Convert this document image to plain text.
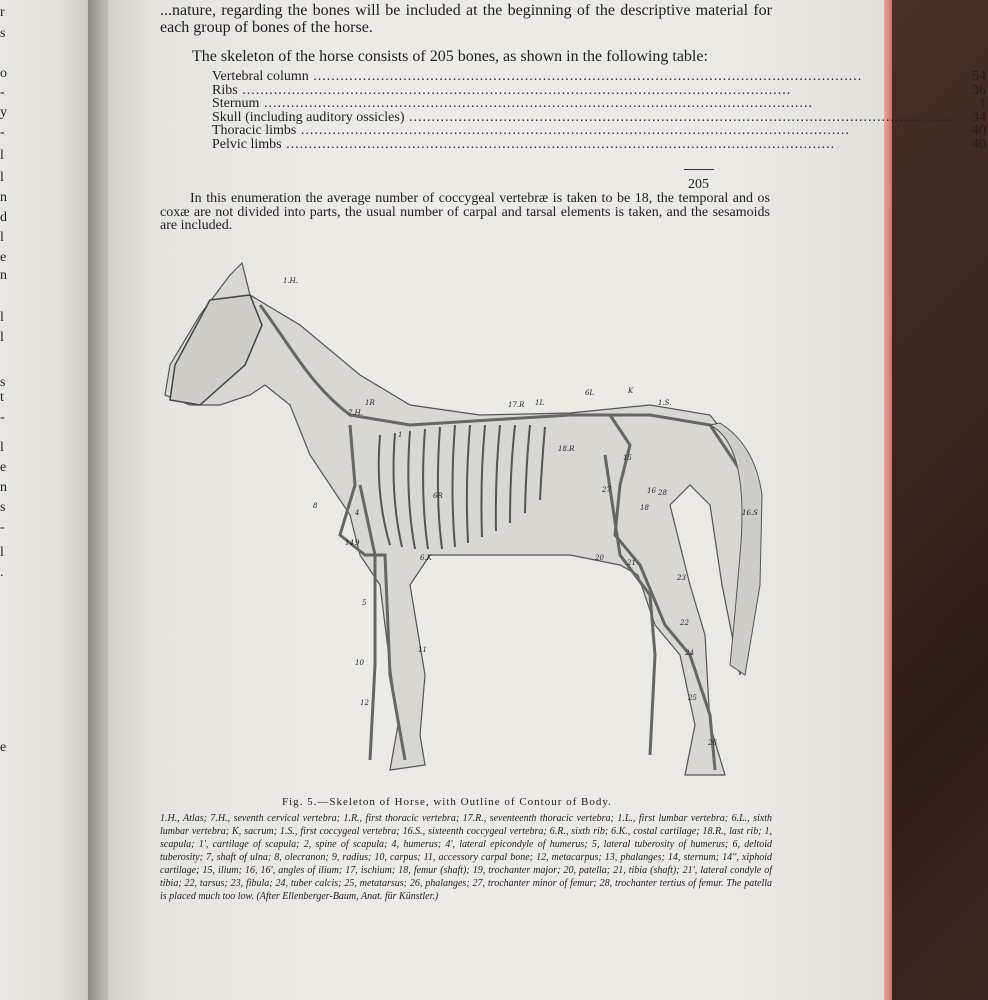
r
s
o
-
y
-
l
l
n
d
l
e
n
l
l
s
t
-
l
e
n
s
-
l
.
e
...nature, regarding the bones will be included at the beginning of the descriptive material for each group of bones of the horse.
The skeleton of the horse consists of 205 bones, as shown in the following table:
Vertebral column .....	54
Ribs .....	36
Sternum .....	1
Skull (including auditory ossicles) .....	34
Thoracic limbs .....	40
Pelvic limbs .....	40
205
In this enumeration the average number of coccygeal vertebræ is taken to be 18, the temporal and os coxæ are not divided into parts, the usual number of carpal and tarsal elements is taken, and the sesamoids are included.
1.H.
7.H.
1R	17.R 1L
6L	K
1.S.
18.R
6R
6.K
1
4
5
8
9
10
11
12
14
15
16
18
20
21
22
23
24
25
26
27	28
16.S
Fig. 5.—Skeleton of Horse, with Outline of Contour of Body.
1.H., Atlas; 7.H., seventh cervical vertebra; 1.R., first thoracic vertebra; 17.R., seventeenth thoracic vertebra; 1.L., first lumbar vertebra; 6.L., sixth lumbar vertebra; K, sacrum; 1.S., first coccygeal vertebra; 16.S., sixteenth coccygeal vertebra; 6.R., sixth rib; 6.K., costal cartilage; 18.R., last rib; 1, scapula; 1', cartilage of scapula; 2, spine of scapula; 4, humerus; 4', lateral epicondyle of humerus; 5, lateral tuberosity of humerus; 6, deltoid tuberosity; 7, shaft of ulna; 8, olecranon; 9, radius; 10, carpus; 11, accessory carpal bone; 12, metacarpus; 13, phalanges; 14, sternum; 14'', xiphoid cartilage; 15, ilium; 16, 16', angles of ilium; 17, ischium; 18, femur (shaft); 19, trochanter major; 20, patella; 21, tibia (shaft); 21', lateral condyle of tibia; 22, tarsus; 23, fibula; 24, tuber calcis; 25, metatarsus; 26, phalanges; 27, trochanter minor of femur; 28, trochanter tertius of femur. The patella is placed much too low. (After Ellenberger-Baum, Anat. für Künstler.)
